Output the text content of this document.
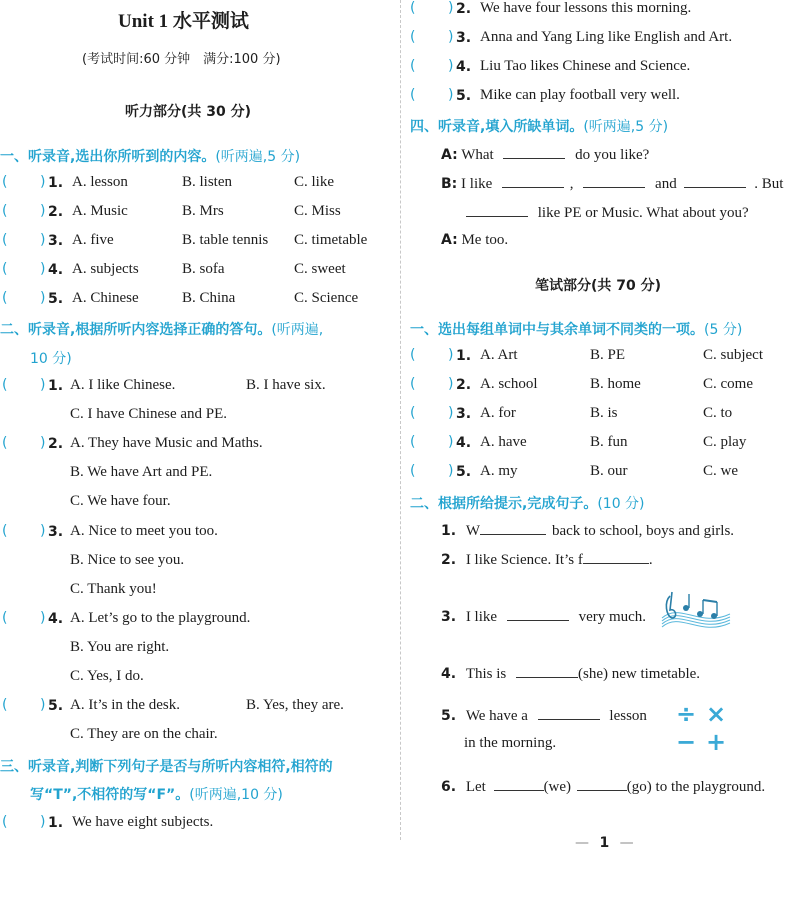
Unit 1 水平测试
(考试时间:60 分钟　满分:100 分)
听力部分(共 30 分)
一、听录音,选出你所听到的内容。(听两遍,5 分)
二、听录音,根据所听内容选择正确的答句。(听两遍,
10 分)
三、听录音,判断下列句子是否与所听内容相符,相符的
写“T”,不相符的写“F”。(听两遍,10 分)
四、听录音,填入所缺单词。(听两遍,5 分)
A: What	do you like?
B: I like	,	and	. But
like PE or Music. What about you?
A: Me too.
笔试部分(共 70 分)
一、选出每组单词中与其余单词不同类的一项。(5 分)
二、根据所给提示,完成句子。(10 分)
1. W	back to school, boys and girls.
2. I like Science. It’s f	.
3. I like	very much.
4. This is	(she) new timetable.
5. We have a	lesson
in the morning.
÷ ×
− +
6. Let	(we)	(go) to the playground.
— 1 —
( ) 1. A. lesson	B. listen	C. like
( ) 2. A. Music	B. Mrs	C. Miss
( ) 3. A. five	B. table tennis C. timetable
( ) 4. A. subjects	B. sofa	C. sweet
( ) 5. A. Chinese	B. China	C. Science
( ) 1. A. I like Chinese.	B. I have six.
C. I have Chinese and PE.
( ) 2. A. They have Music and Maths.
B. We have Art and PE.
C. We have four.
( ) 3. A. Nice to meet you too.
B. Nice to see you.
C. Thank you!
( ) 4. A. Let’s go to the playground.
B. You are right.
C. Yes, I do.
( ) 5. A. It’s in the desk.	B. Yes, they are.
C. They are on the chair.
( ) 1. We have eight subjects.
( ) 2. We have four lessons this morning.
( ) 3. Anna and Yang Ling like English and Art.
( ) 4. Liu Tao likes Chinese and Science.
( ) 5. Mike can play football very well.
( ) 1. A. Art	B. PE	C. subject
( ) 2. A. school	B. home	C. come
( ) 3. A. for	B. is	C. to
( ) 4. A. have	B. fun	C. play
( ) 5. A. my	B. our	C. we
